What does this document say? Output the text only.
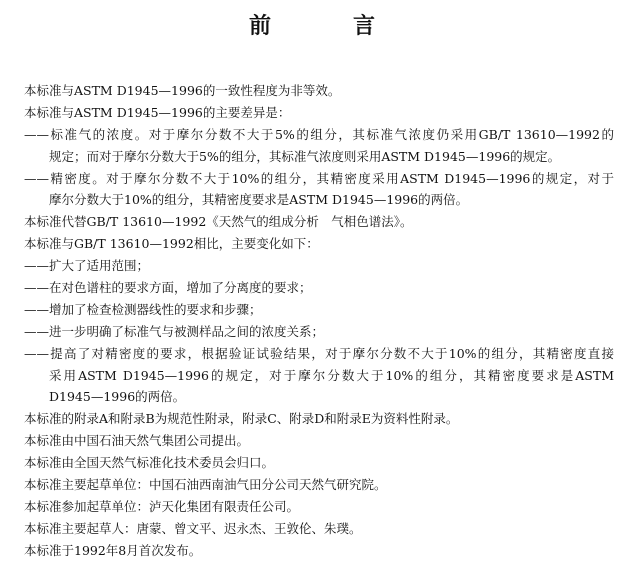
前　言
本标准与ASTM D1945—1996的一致性程度为非等效。
本标准与ASTM D1945—1996的主要差异是：
——标准气的浓度。对于摩尔分数不大于5%的组分，其标准气浓度仍采用GB/T 13610—1992的
规定；而对于摩尔分数大于5%的组分，其标准气浓度则采用ASTM D1945—1996的规定。
——精密度。对于摩尔分数不大于10%的组分，其精密度采用ASTM D1945—1996的规定，对于
摩尔分数大于10%的组分，其精密度要求是ASTM D1945—1996的两倍。
本标准代替GB/T 13610—1992《天然气的组成分析　气相色谱法》。
本标准与GB/T 13610—1992相比，主要变化如下：
——扩大了适用范围；
——在对色谱柱的要求方面，增加了分离度的要求；
——增加了检查检测器线性的要求和步骤；
——进一步明确了标准气与被测样品之间的浓度关系；
——提高了对精密度的要求，根据验证试验结果，对于摩尔分数不大于10%的组分，其精密度直接
采用ASTM D1945—1996的规定，对于摩尔分数大于10%的组分，其精密度要求是ASTM
D1945—1996的两倍。
本标准的附录A和附录B为规范性附录，附录C、附录D和附录E为资料性附录。
本标准由中国石油天然气集团公司提出。
本标准由全国天然气标准化技术委员会归口。
本标准主要起草单位：中国石油西南油气田分公司天然气研究院。
本标准参加起草单位：泸天化集团有限责任公司。
本标准主要起草人：唐蒙、曾文平、迟永杰、王敦伦、朱璞。
本标准于1992年8月首次发布。
